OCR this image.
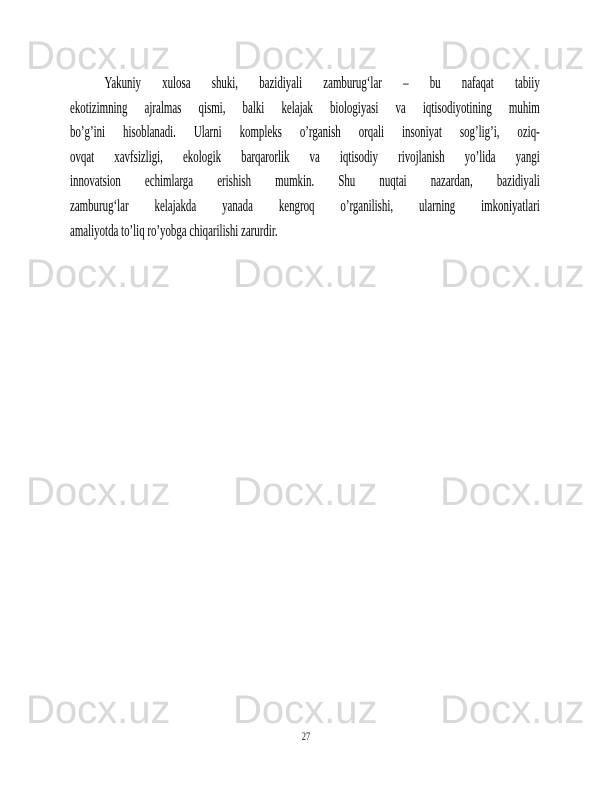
Docx.uz Docx.uz Docx.uz
Docx.uz Docx.uz Docx.uz
Docx.uz Docx.uz Docx.uz
Docx.uz Docx.uz Docx.uz
Yakuniy xulosa shuki, bazidiyali zamburug‘lar – bu nafaqat tabiiy
ekotizimning ajralmas qismi, balki kelajak biologiyasi va iqtisodiyotining muhim
bo’g’ini hisoblanadi. Ularni kompleks o’rganish orqali insoniyat sog’lig’i, oziq-
ovqat xavfsizligi, ekologik barqarorlik va iqtisodiy rivojlanish yo’lida yangi
innovatsion echimlarga erishish mumkin. Shu nuqtai nazardan, bazidiyali
zamburug‘lar kelajakda yanada kengroq o’rganilishi, ularning imkoniyatlari
amaliyotda to’liq ro’yobga chiqarilishi zarurdir.
27
